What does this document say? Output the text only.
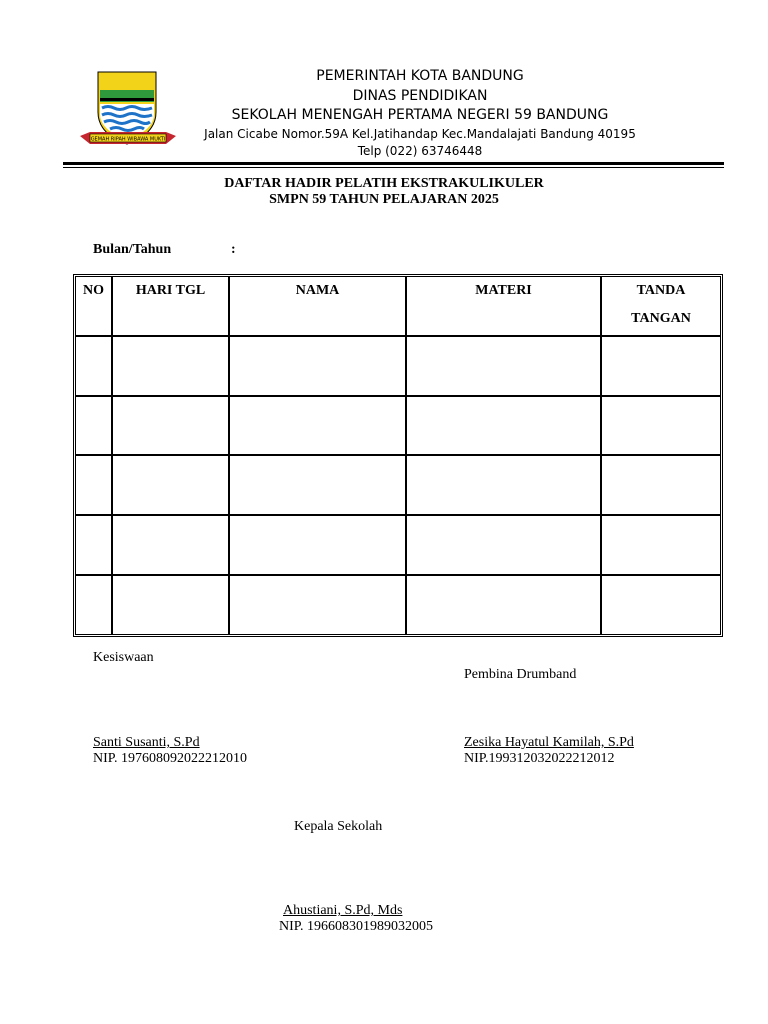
GEMAH RIPAH WIBAWA MUKTI
PEMERINTAH KOTA BANDUNG
DINAS PENDIDIKAN
SEKOLAH MENENGAH PERTAMA NEGERI 59 BANDUNG
Jalan Cicabe Nomor.59A Kel.Jatihandap Kec.Mandalajati Bandung 40195
Telp (022) 63746448
DAFTAR HADIR PELATIH EKSTRAKULIKULER
SMPN 59 TAHUN PELAJARAN 2025
Bulan/Tahun	:
NO	HARI TGL	NAMA	MATERI	TANDA TANGAN

Kesiswaan
Pembina Drumband
Santi Susanti, S.Pd
NIP. 197608092022212010
Zesika Hayatul Kamilah, S.Pd
NIP.199312032022212012
Kepala Sekolah
Ahustiani, S.Pd, Mds
NIP. 196608301989032005
